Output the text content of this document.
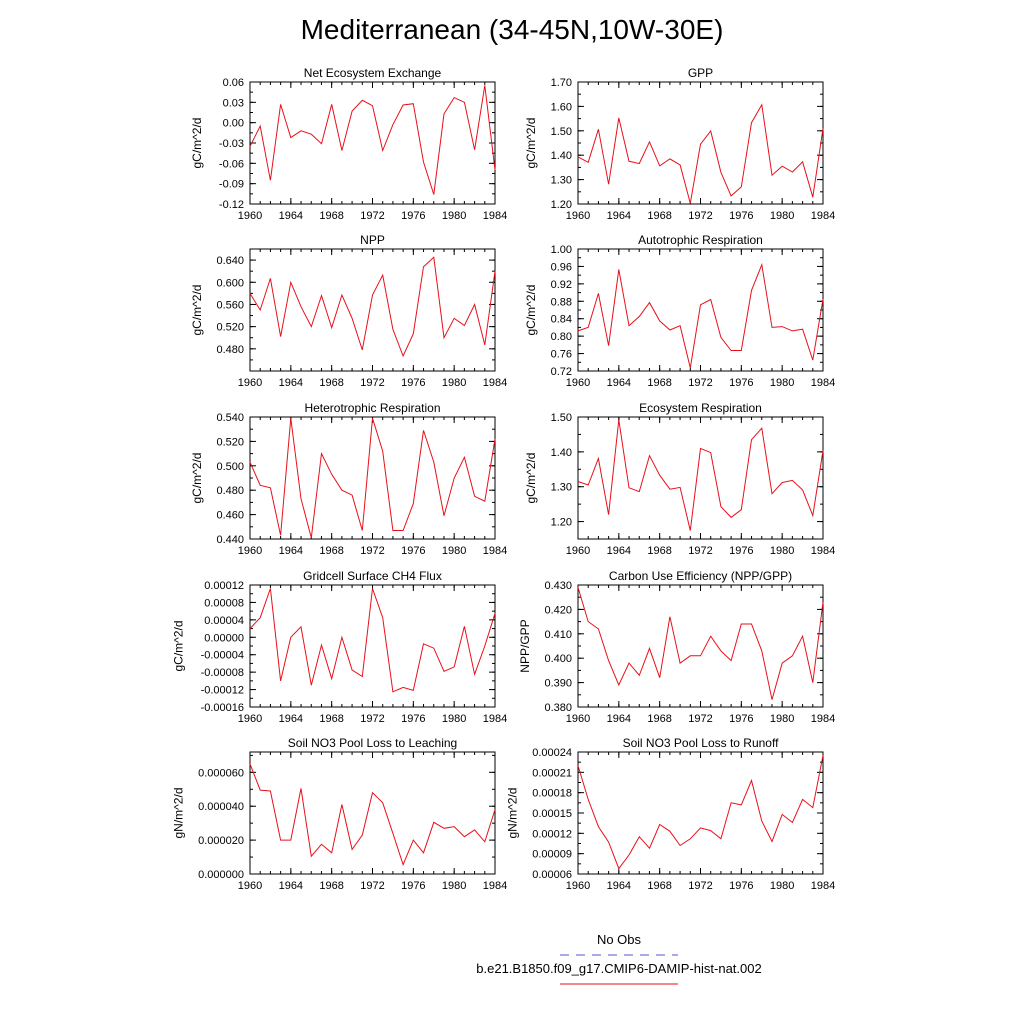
Mediterranean (34-45N,10W-30E)
Net Ecosystem Exchange
1960 1964 1968 1972 1976 1980 1984
-0.12
-0.09
-0.06
-0.03
0.00
0.03
0.06
gC/m^2/d
GPP
1960 1964 1968 1972 1976 1980 1984
1.20
1.30
1.40
1.50
1.60
1.70
gC/m^2/d
NPP
1960 1964 1968 1972 1976 1980 1984
0.480
0.520
0.560
0.600
0.640
gC/m^2/d
Autotrophic Respiration
1960 1964 1968 1972 1976 1980 1984
0.72
0.76
0.80
0.84
0.88
0.92
0.96
1.00
gC/m^2/d
Heterotrophic Respiration
1960 1964 1968 1972 1976 1980 1984
0.440
0.460
0.480
0.500
0.520
0.540
gC/m^2/d
Ecosystem Respiration
1960 1964 1968 1972 1976 1980 1984
1.20
1.30
1.40
1.50
gC/m^2/d
Gridcell Surface CH4 Flux
1960 1964 1968 1972 1976 1980 1984
-0.00016
-0.00012
-0.00008
-0.00004
0.00000
0.00004
0.00008
0.00012
gC/m^2/d
Carbon Use Efficiency (NPP/GPP)
1960 1964 1968 1972 1976 1980 1984
0.380
0.390
0.400
0.410
0.420
0.430
NPP/GPP
Soil NO3 Pool Loss to Leaching
1960 1964 1968 1972 1976 1980 1984
0.000000
0.000020
0.000040
0.000060
gN/m^2/d
Soil NO3 Pool Loss to Runoff
1960 1964 1968 1972 1976 1980 1984
0.00006
0.00009
0.00012
0.00015
0.00018
0.00021
0.00024
gN/m^2/d
No Obs
b.e21.B1850.f09_g17.CMIP6-DAMIP-hist-nat.002
